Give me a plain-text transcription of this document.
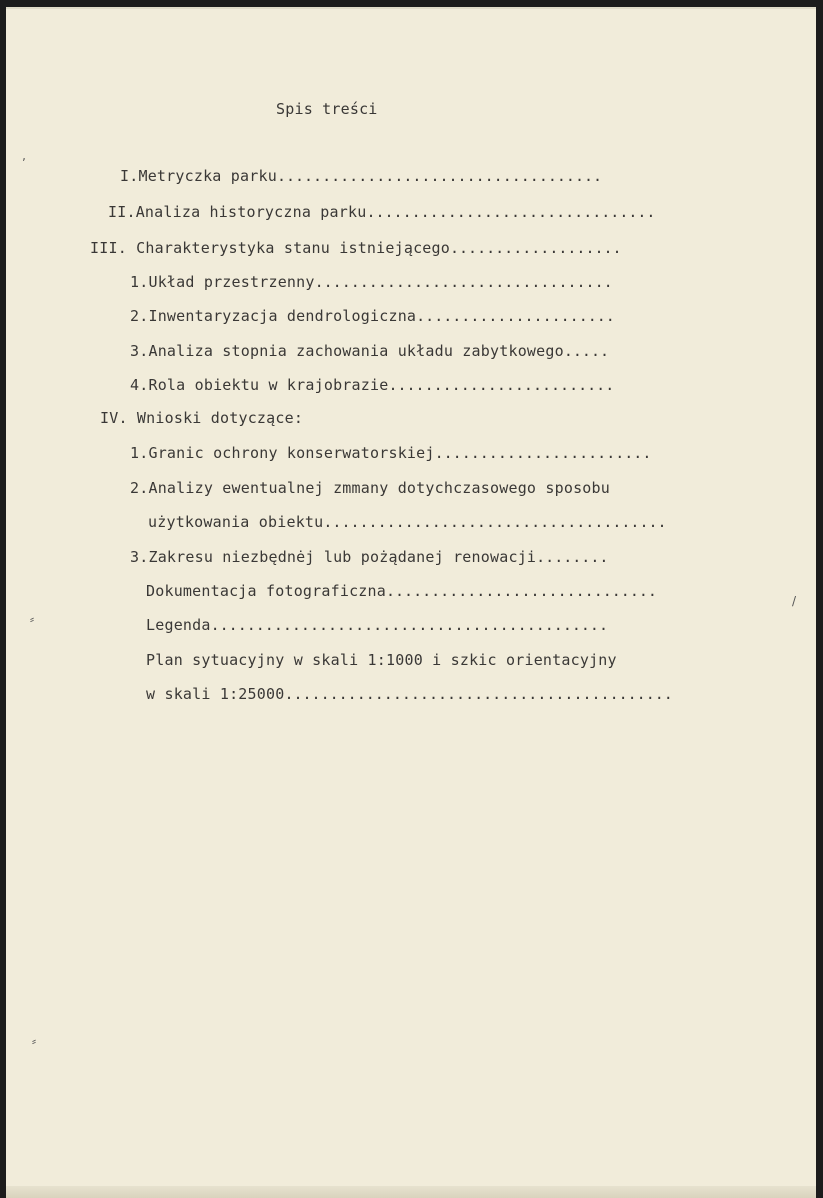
Spis treści
I.Metryczka parku....................................
II.Analiza historyczna parku................................
III. Charakterystyka stanu istniejącego...................
1.Układ przestrzenny.................................
2.Inwentaryzacja dendrologiczna......................
3.Analiza stopnia zachowania układu zabytkowego.....
4.Rola obiektu w krajobrazie.........................
IV. Wnioski dotyczące:
1.Granic ochrony konserwatorskiej........................
2.Analizy ewentualnej zmmany dotychczasowego sposobu
użytkowania obiektu......................................
3.Zakresu niezbędnėj lub pożądanej renowacji........
Dokumentacja fotograficzna..............................
Legenda............................................
Plan sytuacyjny w skali 1:1000 i szkic orientacyjny
w skali 1:25000...........................................
ʼ
⸗
⸗
/
